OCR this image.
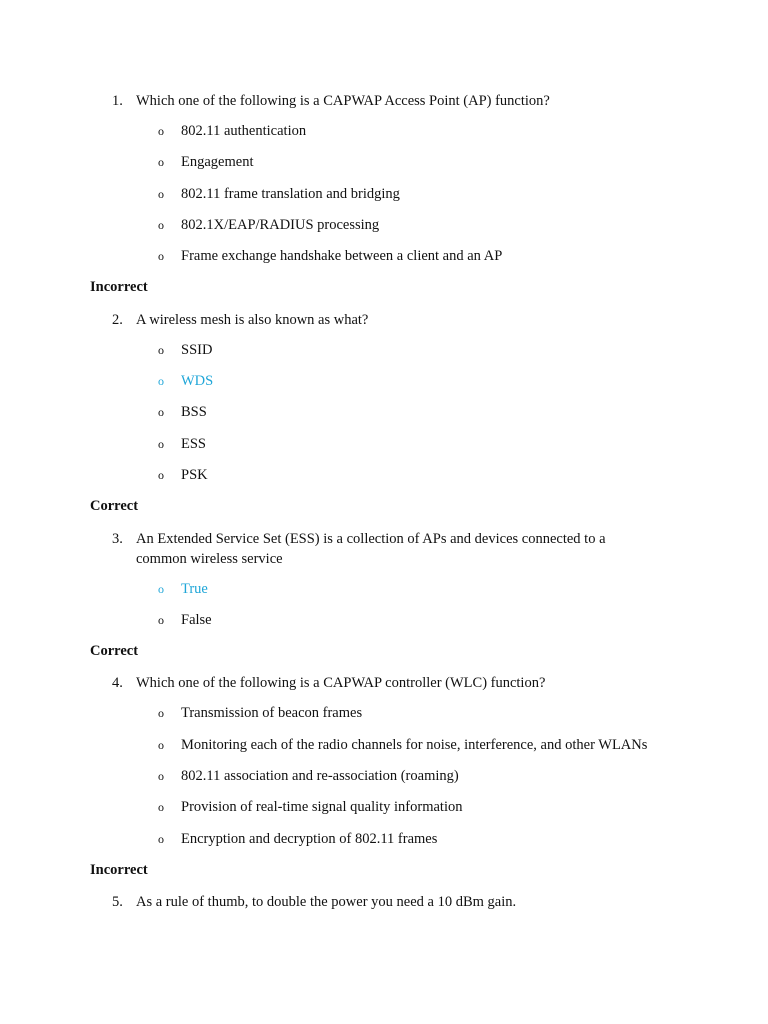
1. Which one of the following is a CAPWAP Access Point (AP) function?
o 802.11 authentication
o Engagement
o 802.11 frame translation and bridging
o 802.1X/EAP/RADIUS processing
o Frame exchange handshake between a client and an AP
Incorrect
2. A wireless mesh is also known as what?
o SSID
o WDS
o BSS
o ESS
o PSK
Correct
3. An Extended Service Set (ESS) is a collection of APs and devices connected to a common wireless service
o True
o False
Correct
4. Which one of the following is a CAPWAP controller (WLC) function?
o Transmission of beacon frames
o Monitoring each of the radio channels for noise, interference, and other WLANs
o 802.11 association and re-association (roaming)
o Provision of real-time signal quality information
o Encryption and decryption of 802.11 frames
Incorrect
5. As a rule of thumb, to double the power you need a 10 dBm gain.
